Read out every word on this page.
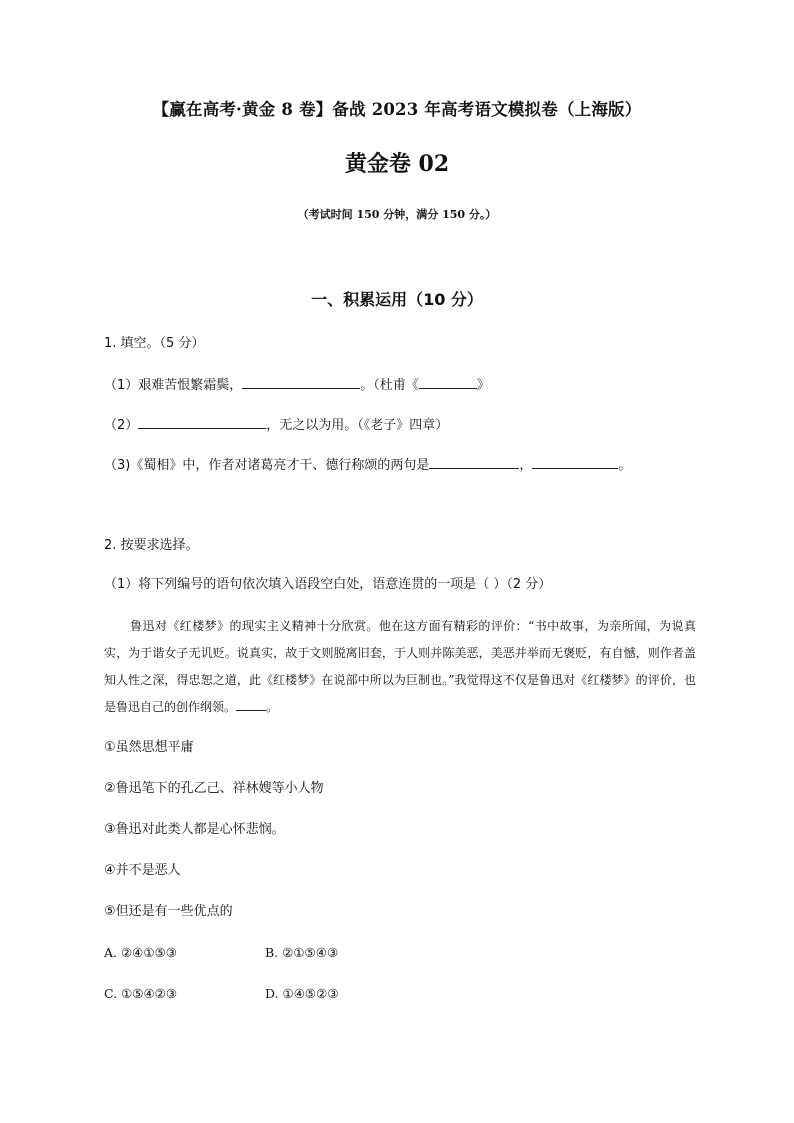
【赢在高考·黄金 8 卷】备战 2023 年高考语文模拟卷（上海版）
黄金卷 02
（考试时间 150 分钟，满分 150 分。）
一、积累运用（10 分）
1. 填空。（5 分）
（1）艰难苦恨繁霜鬓，	。（杜甫《	》
（2）	，无之以为用。（《老子》四章）
（3)《蜀相》中，作者对诸葛亮才干、德行称颂的两句是	，	。
2. 按要求选择。
（1）将下列编号的语句依次填入语段空白处，语意连贯的一项是（ ）（2 分）

鲁迅对《红楼梦》的现实主义精神十分欣赏。他在这方面有精彩的评价：“书中故事，为亲所闻，为说真实，为于谐女子无讥贬。说真实，故于文则脱离旧套，于人则并陈美恶，美恶并举而无褒贬，有自憾，则作者盖知人性之深，得忠恕之道，此《红楼梦》在说部中所以为巨制也。”我觉得这不仅是鲁迅对《红楼梦》的评价，也是鲁迅自己的创作纲领。	。

①虽然思想平庸
②鲁迅笔下的孔乙己、祥林嫂等小人物
③鲁迅对此类人都是心怀悲悯。
④并不是恶人
⑤但还是有一些优点的
A. ②④①⑤③	B. ②①⑤④③
C. ①⑤④②③	D. ①④⑤②③
